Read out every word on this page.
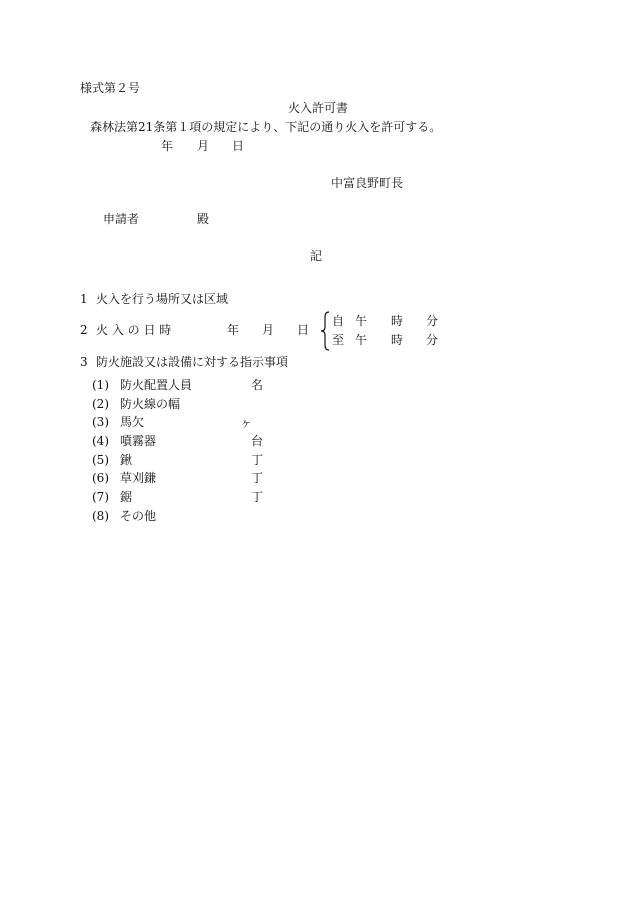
様式第２号
火入許可書
森林法第21条第１項の規定により、下記の通り火入を許可する。
年 月 日
中富良野町長
申請者	殿
記
1 火入を行う場所又は区域
2 火 入 の 日 時	年 月 日
自 午 時 分
至 午 時 分
3 防火施設又は設備に対する指示事項
(1) 防火配置人員	名
(2) 防火線の幅
(3) 馬欠	ヶ
(4) 噴霧器	台
(5) 鍬	丁
(6) 草刈鎌	丁
(7) 鋸	丁
(8) その他
